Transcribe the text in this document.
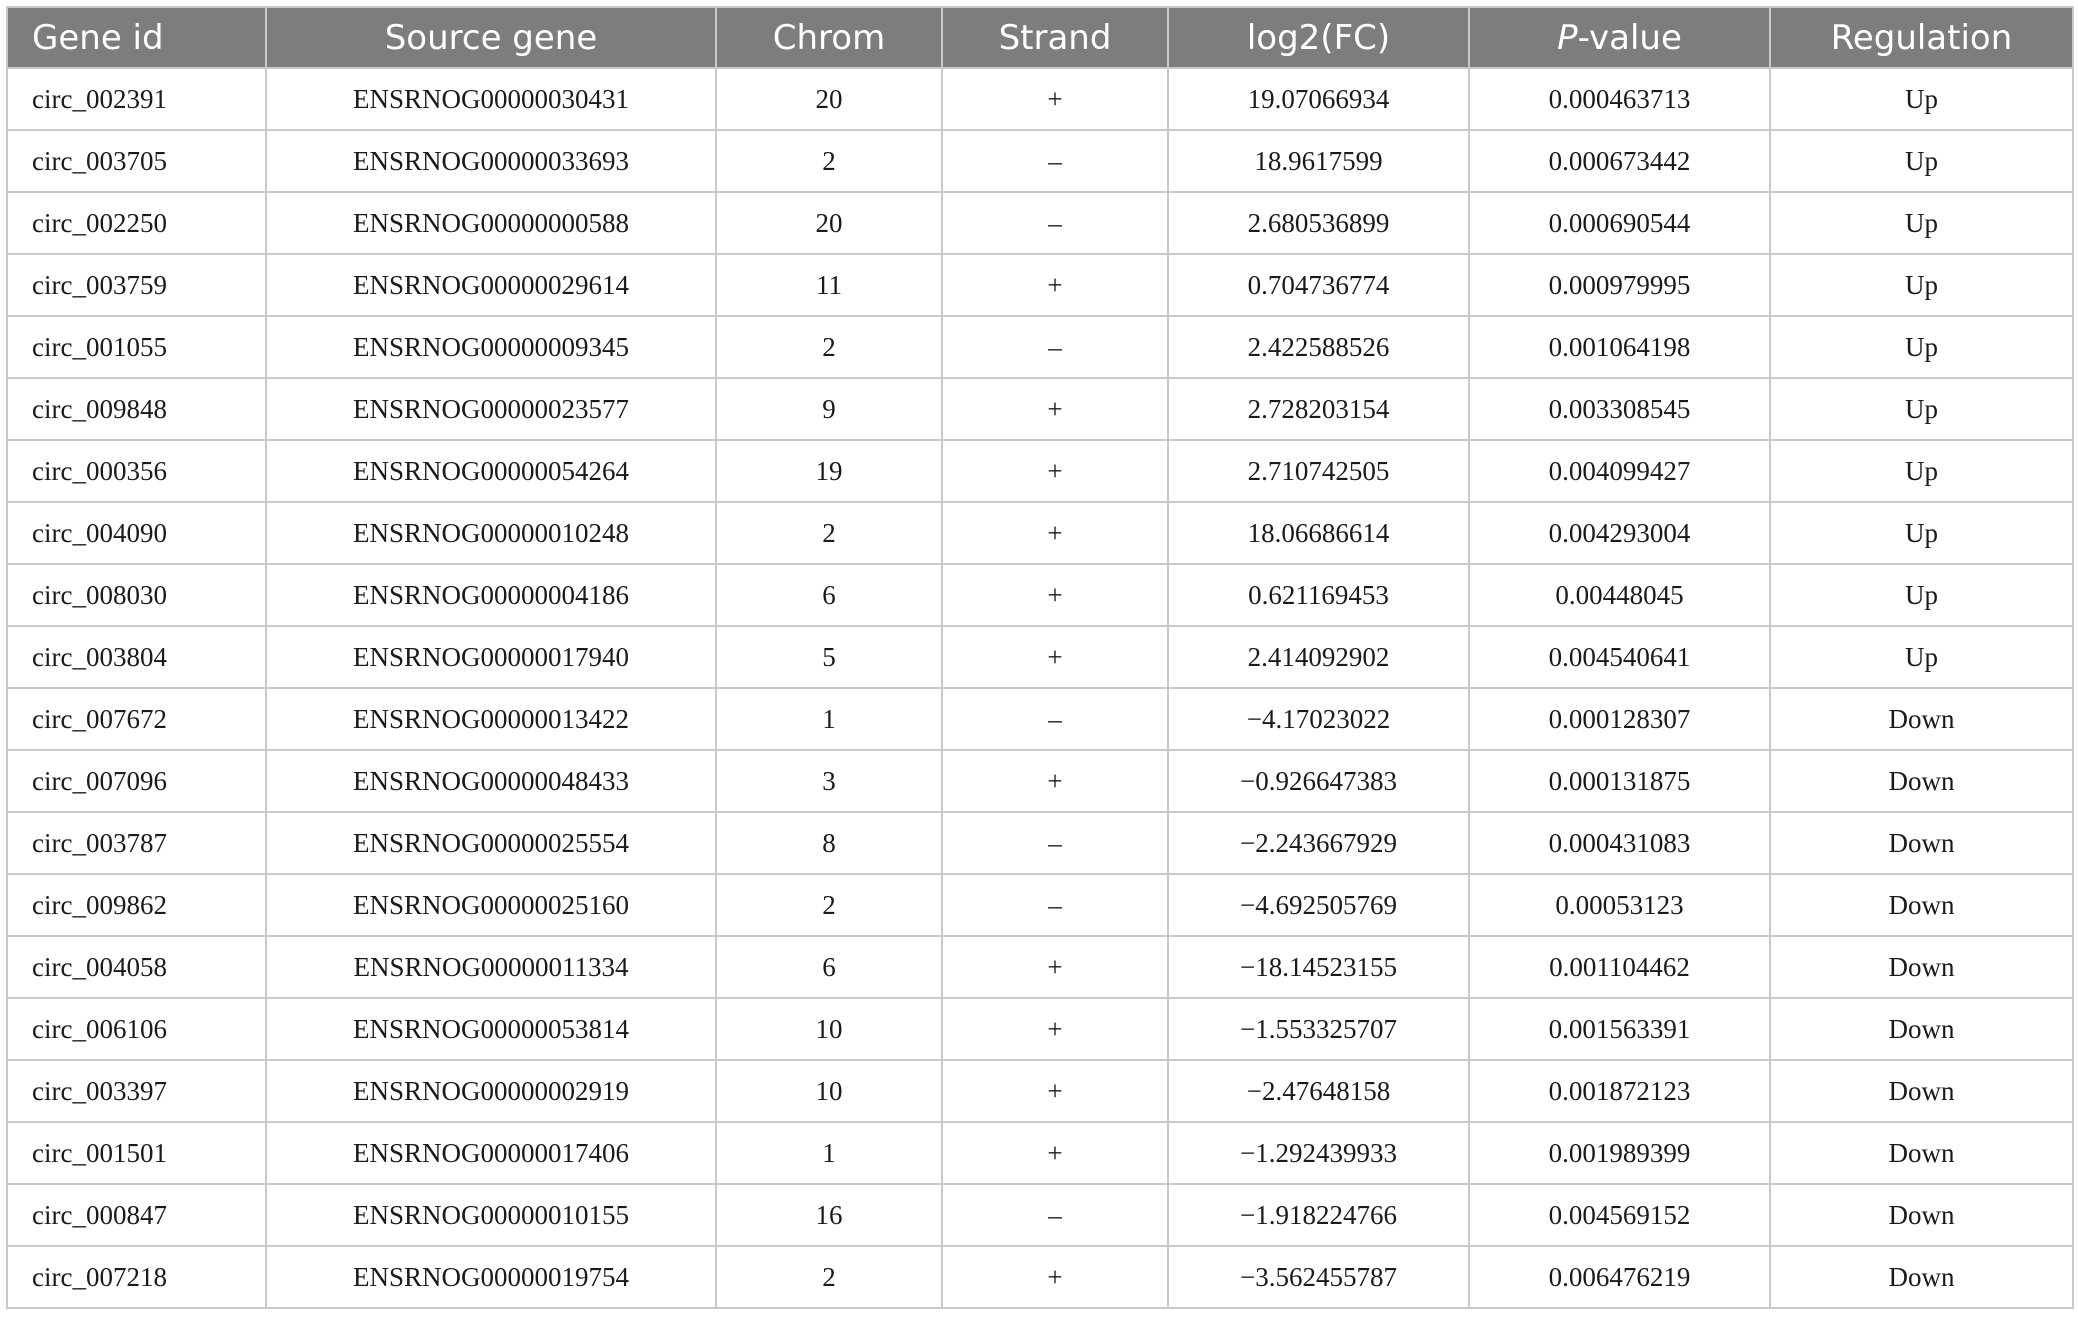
Gene id	Source gene	Chrom	Strand	log2(FC)	P-value	Regulation
circ_002391	ENSRNOG00000030431	20	+	19.07066934	0.000463713	Up
circ_003705	ENSRNOG00000033693	2	–	18.9617599	0.000673442	Up
circ_002250	ENSRNOG00000000588	20	–	2.680536899	0.000690544	Up
circ_003759	ENSRNOG00000029614	11	+	0.704736774	0.000979995	Up
circ_001055	ENSRNOG00000009345	2	–	2.422588526	0.001064198	Up
circ_009848	ENSRNOG00000023577	9	+	2.728203154	0.003308545	Up
circ_000356	ENSRNOG00000054264	19	+	2.710742505	0.004099427	Up
circ_004090	ENSRNOG00000010248	2	+	18.06686614	0.004293004	Up
circ_008030	ENSRNOG00000004186	6	+	0.621169453	0.00448045	Up
circ_003804	ENSRNOG00000017940	5	+	2.414092902	0.004540641	Up
circ_007672	ENSRNOG00000013422	1	–	−4.17023022	0.000128307	Down
circ_007096	ENSRNOG00000048433	3	+	−0.926647383	0.000131875	Down
circ_003787	ENSRNOG00000025554	8	–	−2.243667929	0.000431083	Down
circ_009862	ENSRNOG00000025160	2	–	−4.692505769	0.00053123	Down
circ_004058	ENSRNOG00000011334	6	+	−18.14523155	0.001104462	Down
circ_006106	ENSRNOG00000053814	10	+	−1.553325707	0.001563391	Down
circ_003397	ENSRNOG00000002919	10	+	−2.47648158	0.001872123	Down
circ_001501	ENSRNOG00000017406	1	+	−1.292439933	0.001989399	Down
circ_000847	ENSRNOG00000010155	16	–	−1.918224766	0.004569152	Down
circ_007218	ENSRNOG00000019754	2	+	−3.562455787	0.006476219	Down
